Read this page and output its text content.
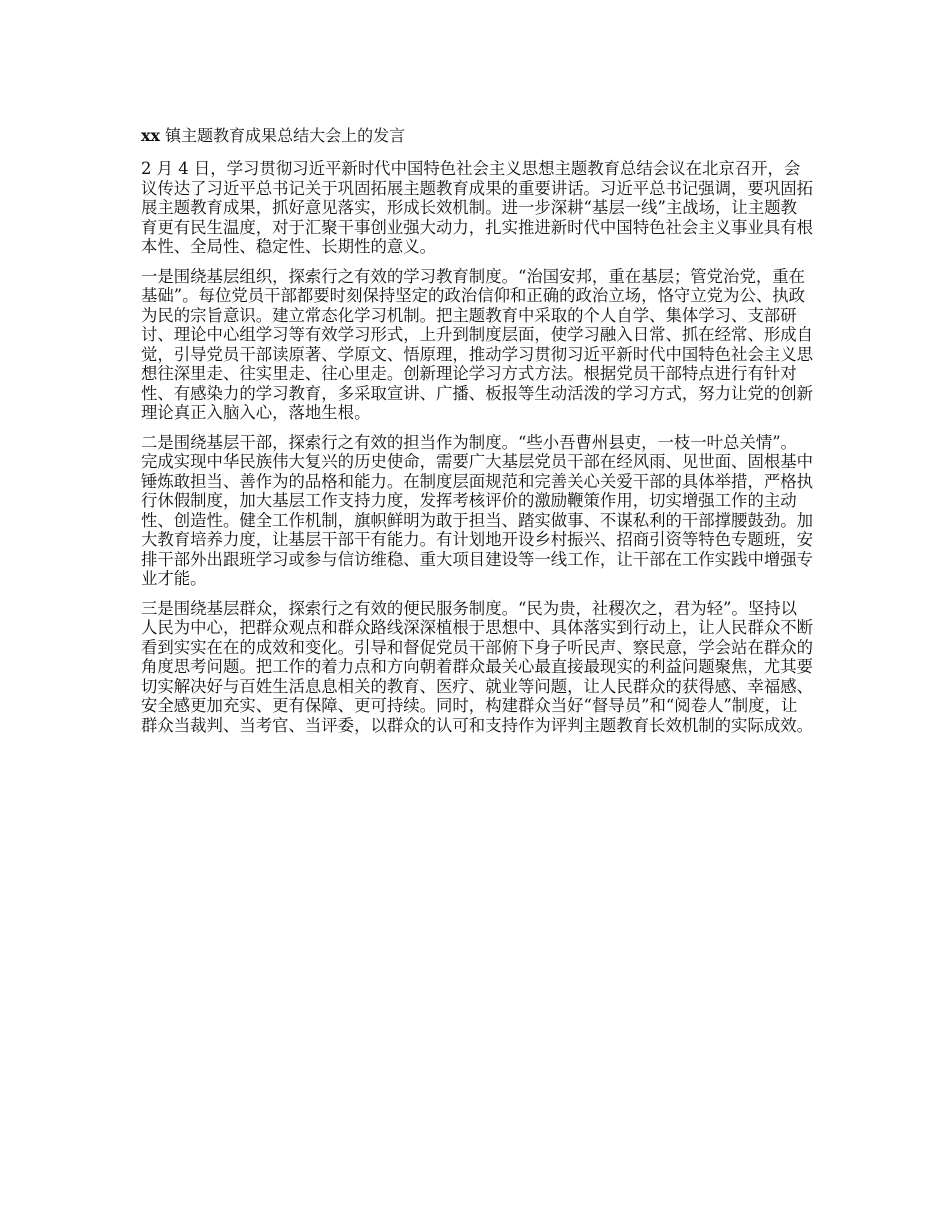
xx 镇主题教育成果总结大会上的发言

2 月 4 日，学习贯彻习近平新时代中国特色社会主义思想主题教育总结会议在北京召开，会议传达了习近平总书记关于巩固拓展主题教育成果的重要讲话。习近平总书记强调，要巩固拓展主题教育成果，抓好意见落实，形成长效机制。进一步深耕“基层一线”主战场，让主题教育更有民生温度，对于汇聚干事创业强大动力，扎实推进新时代中国特色社会主义事业具有根本性、全局性、稳定性、长期性的意义。

一是围绕基层组织，探索行之有效的学习教育制度。“治国安邦，重在基层；管党治党，重在基础”。每位党员干部都要时刻保持坚定的政治信仰和正确的政治立场，恪守立党为公、执政为民的宗旨意识。建立常态化学习机制。把主题教育中采取的个人自学、集体学习、支部研讨、理论中心组学习等有效学习形式，上升到制度层面，使学习融入日常、抓在经常、形成自觉，引导党员干部读原著、学原文、悟原理，推动学习贯彻习近平新时代中国特色社会主义思想往深里走、往实里走、往心里走。创新理论学习方式方法。根据党员干部特点进行有针对性、有感染力的学习教育，多采取宣讲、广播、板报等生动活泼的学习方式，努力让党的创新理论真正入脑入心，落地生根。

二是围绕基层干部，探索行之有效的担当作为制度。“些小吾曹州县吏，一枝一叶总关情”。完成实现中华民族伟大复兴的历史使命，需要广大基层党员干部在经风雨、见世面、固根基中锤炼敢担当、善作为的品格和能力。在制度层面规范和完善关心关爱干部的具体举措，严格执行休假制度，加大基层工作支持力度，发挥考核评价的激励鞭策作用，切实增强工作的主动性、创造性。健全工作机制，旗帜鲜明为敢于担当、踏实做事、不谋私利的干部撑腰鼓劲。加大教育培养力度，让基层干部干有能力。有计划地开设乡村振兴、招商引资等特色专题班，安排干部外出跟班学习或参与信访维稳、重大项目建设等一线工作，让干部在工作实践中增强专业才能。

三是围绕基层群众，探索行之有效的便民服务制度。“民为贵，社稷次之，君为轻”。坚持以人民为中心，把群众观点和群众路线深深植根于思想中、具体落实到行动上，让人民群众不断看到实实在在的成效和变化。引导和督促党员干部俯下身子听民声、察民意，学会站在群众的角度思考问题。把工作的着力点和方向朝着群众最关心最直接最现实的利益问题聚焦，尤其要切实解决好与百姓生活息息相关的教育、医疗、就业等问题，让人民群众的获得感、幸福感、安全感更加充实、更有保障、更可持续。同时，构建群众当好“督导员”和“阅卷人”制度，让群众当裁判、当考官、当评委，以群众的认可和支持作为评判主题教育长效机制的实际成效。
